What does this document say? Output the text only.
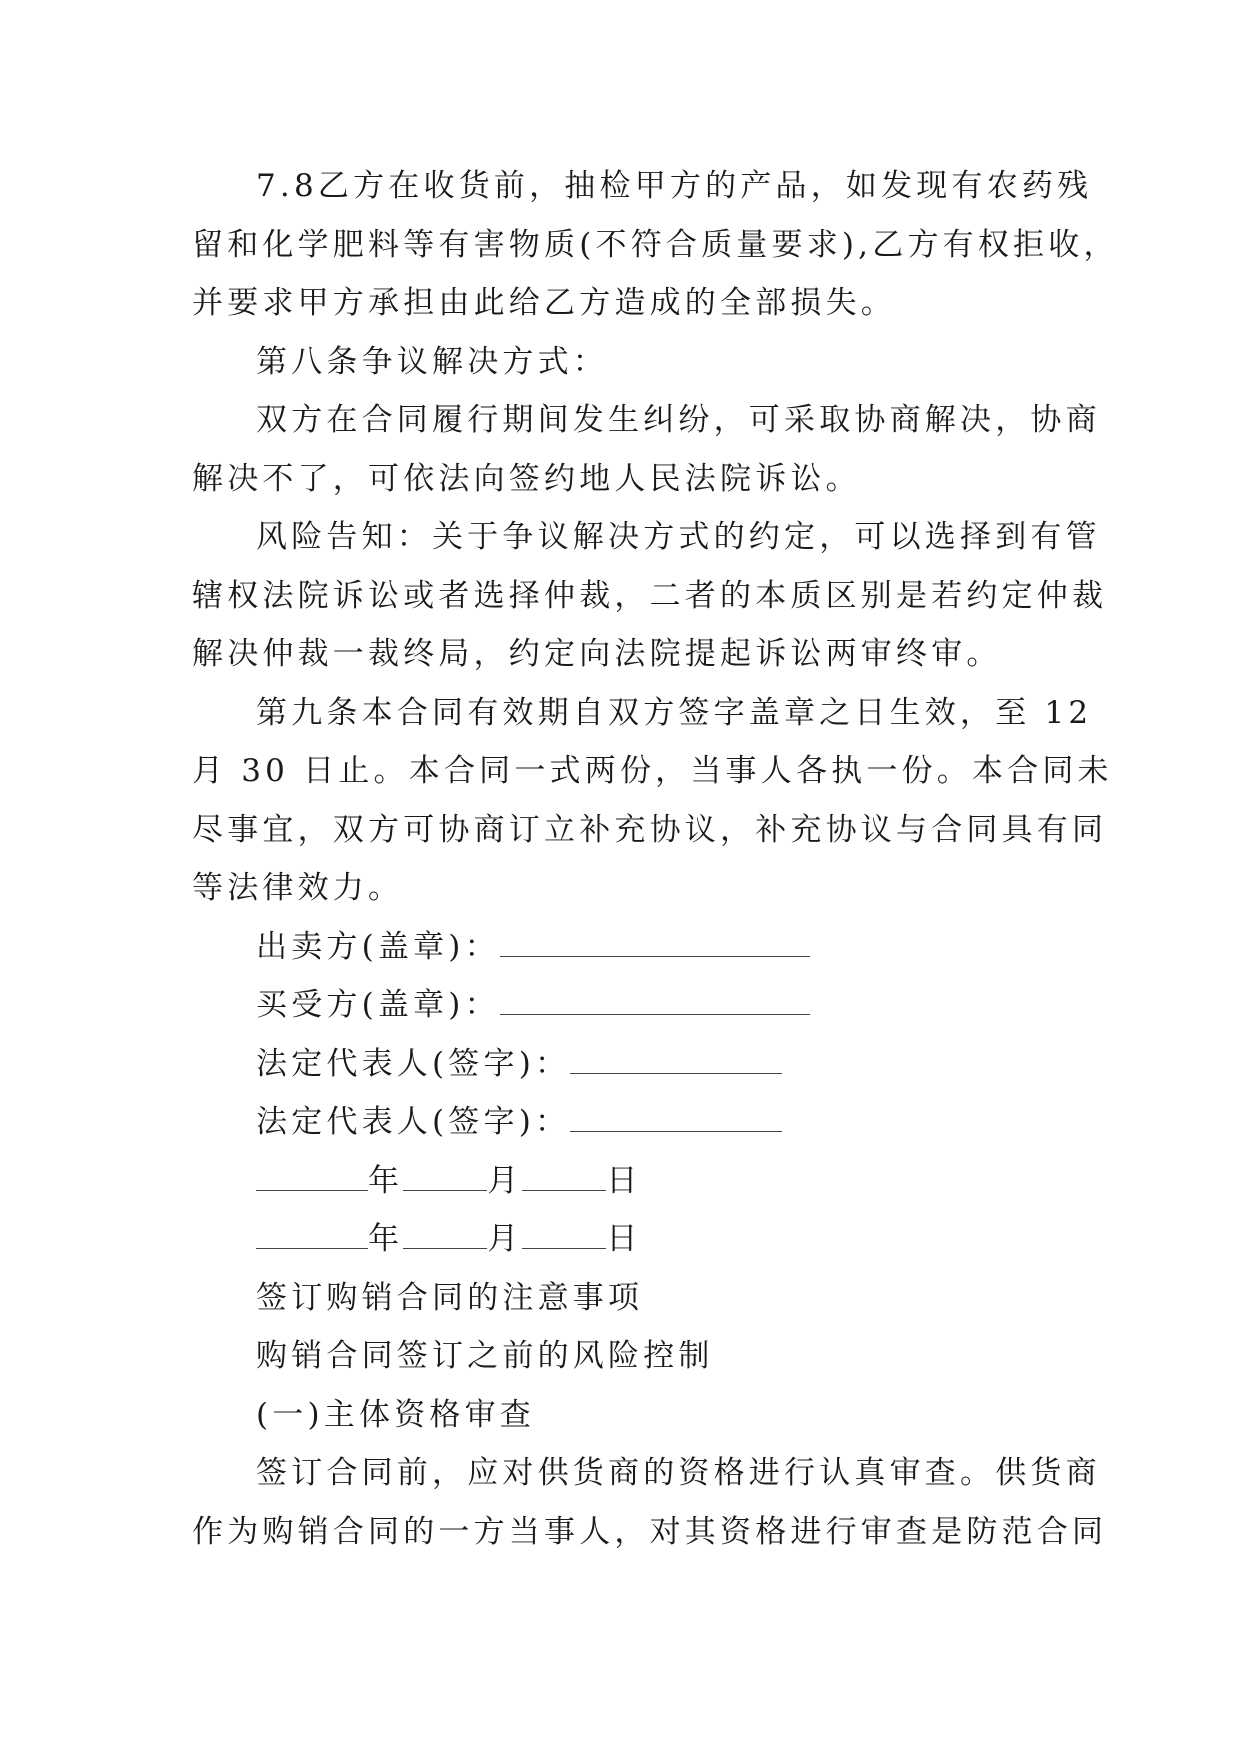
7.8乙方在收货前，抽检甲方的产品，如发现有农药残
留和化学肥料等有害物质(不符合质量要求),乙方有权拒收，
并要求甲方承担由此给乙方造成的全部损失。
第八条争议解决方式：
双方在合同履行期间发生纠纷，可采取协商解决，协商
解决不了，可依法向签约地人民法院诉讼。
风险告知：关于争议解决方式的约定，可以选择到有管
辖权法院诉讼或者选择仲裁，二者的本质区别是若约定仲裁
解决仲裁一裁终局，约定向法院提起诉讼两审终审。
第九条本合同有效期自双方签字盖章之日生效，至 12
月 30 日止。本合同一式两份，当事人各执一份。本合同未
尽事宜，双方可协商订立补充协议，补充协议与合同具有同
等法律效力。
出卖方(盖章)：
买受方(盖章)：
法定代表人(签字)：
法定代表人(签字)：
年	月	日
年	月	日
签订购销合同的注意事项
购销合同签订之前的风险控制
(一)主体资格审查
签订合同前，应对供货商的资格进行认真审查。供货商
作为购销合同的一方当事人，对其资格进行审查是防范合同
